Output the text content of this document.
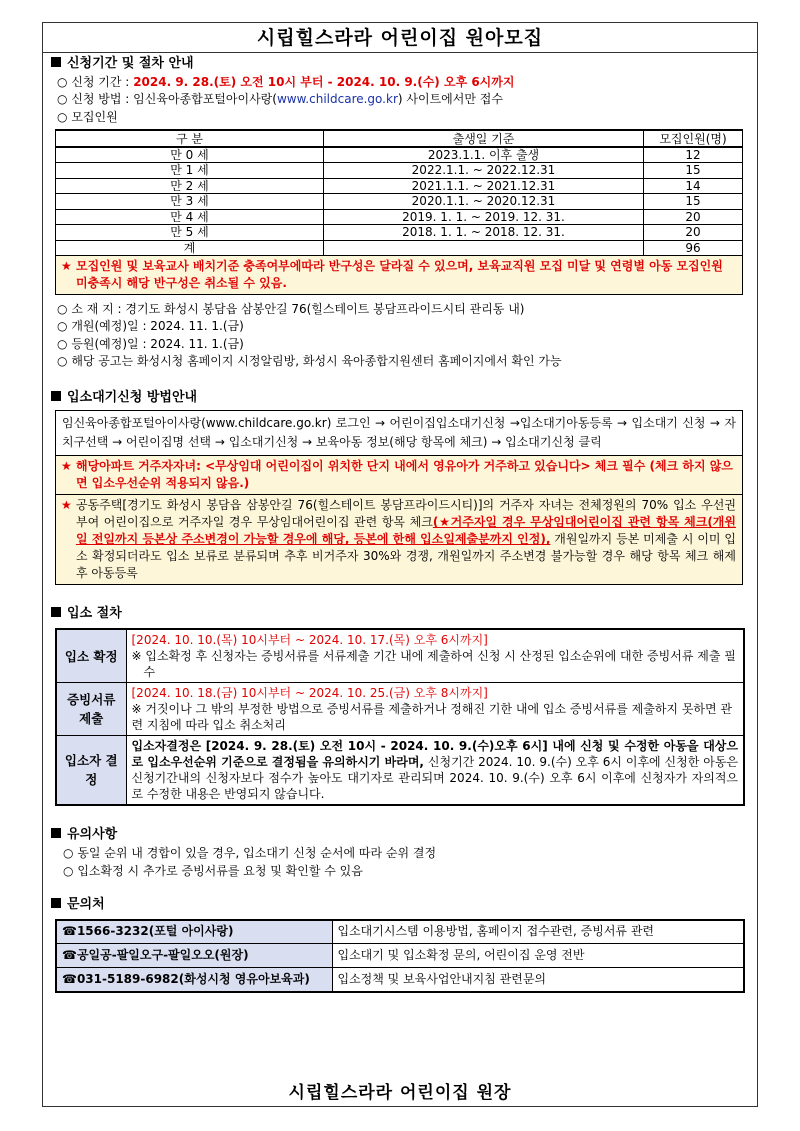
시립힐스라라 어린이집 원아모집
신청기간 및 절차 안내
○ 신청 기간 : 2024. 9. 28.(토) 오전 10시 부터 - 2024. 10. 9.(수) 오후 6시까지
○ 신청 방법 : 임신육아종합포털아이사랑(www.childcare.go.kr) 사이트에서만 접수
○ 모집인원
구 분	출생일 기준	모집인원(명)
만 0 세	2023.1.1. 이후 출생	12
만 1 세	2022.1.1. ~ 2022.12.31	15
만 2 세	2021.1.1. ~ 2021.12.31	14
만 3 세	2020.1.1. ~ 2020.12.31	15
만 4 세	2019. 1. 1. ~ 2019. 12. 31.	20
만 5 세	2018. 1. 1. ~ 2018. 12. 31.	20
계		96
★ 모집인원 및 보육교사 배치기준 충족여부에따라 반구성은 달라질 수 있으며, 보육교직원 모집 미달 및 연령별 아동 모집인원 미충족시 해당 반구성은 취소될 수 있음.
○ 소 재 지 : 경기도 화성시 봉담읍 삼봉안길 76(힐스테이트 봉담프라이드시티 관리동 내)
○ 개원(예정)일 : 2024. 11. 1.(금)
○ 등원(예정)일 : 2024. 11. 1.(금)
○ 해당 공고는 화성시청 홈페이지 시정알림방, 화성시 육아종합지원센터 홈페이지에서 확인 가능
입소대기신청 방법안내
임신육아종합포털아이사랑(www.childcare.go.kr) 로그인 → 어린이집입소대기신청 →입소대기아동등록 → 입소대기 신청 → 자치구선택 → 어린이집명 선택 → 입소대기신청 → 보육아동 정보(해당 항목에 체크) → 입소대기신청 클릭
★ 해당아파트 거주자자녀: <무상임대 어린이집이 위치한 단지 내에서 영유아가 거주하고 있습니다> 체크 필수 (체크 하지 않으면 입소우선순위 적용되지 않음.)
★ 공동주택[경기도 화성시 봉담읍 삼봉안길 76(힐스테이트 봉담프라이드시티)]의 거주자 자녀는 전체정원의 70% 입소 우선권 부여 어린이집으로 거주자일 경우 무상임대어린이집 관련 항목 체크(★거주자일 경우 무상임대어린이집 관련 항목 체크(개원일 전일까지 등본상 주소변경이 가능할 경우에 해당, 등본에 한해 입소일제출분까지 인정), 개원일까지 등본 미제출 시 이미 입소 확정되더라도 입소 보류로 분류되며 추후 비거주자 30%와 경쟁, 개원일까지 주소변경 불가능할 경우 해당 항목 체크 해제 후 아동등록
입소 절차
입소 확정	[2024. 10. 10.(목) 10시부터 ~ 2024. 10. 17.(목) 오후 6시까지]
※ 입소확정 후 신청자는 증빙서류를 서류제출 기간 내에 제출하여 신청 시 산정된 입소순위에 대한 증빙서류 제출 필수

증빙서류 제출	[2024. 10. 18.(금) 10시부터 ~ 2024. 10. 25.(금) 오후 8시까지]
※ 거짓이나 그 밖의 부정한 방법으로 증빙서류를 제출하거나 정해진 기한 내에 입소 증빙서류를 제출하지 못하면 관련 지침에 따라 입소 취소처리

입소자 결정	입소자결정은 [2024. 9. 28.(토) 오전 10시 - 2024. 10. 9.(수)오후 6시] 내에 신청 및 수정한 아동을 대상으로 입소우선순위 기준으로 결정됨을 유의하시기 바라며, 신청기간 2024. 10. 9.(수) 오후 6시 이후에 신청한 아동은 신청기간내의 신청자보다 점수가 높아도 대기자로 관리되며 2024. 10. 9.(수) 오후 6시 이후에 신청자가 자의적으로 수정한 내용은 반영되지 않습니다.
유의사항
○ 동일 순위 내 경합이 있을 경우, 입소대기 신청 순서에 따라 순위 결정
○ 입소확정 시 추가로 증빙서류를 요청 및 확인할 수 있음
문의처
☎1566-3232(포털 아이사랑)	입소대기시스템 이용방법, 홈페이지 접수관련, 증빙서류 관련
☎공일공-팔일오구-팔일오오(원장)	입소대기 및 입소확정 문의, 어린이집 운영 전반
☎031-5189-6982(화성시청 영유아보육과)	입소정책 및 보육사업안내지침 관련문의
시립힐스라라 어린이집 원장
